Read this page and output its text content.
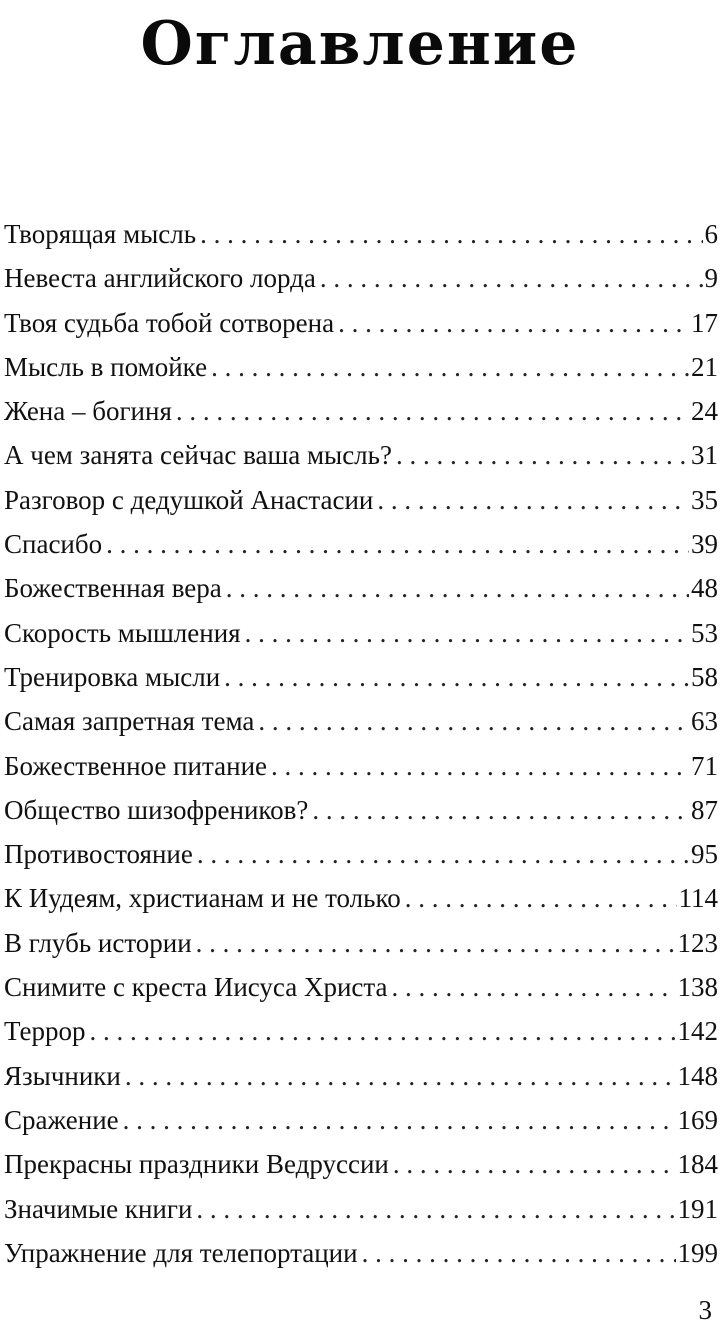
Оглавление
Творящая мысль . . .	6
Невеста английского лорда . . .	9
Твоя судьба тобой сотворена . . .	17
Мысль в помойке . . .	21
Жена – богиня . . .	24
А чем занята сейчас ваша мысль? . . .	31
Разговор с дедушкой Анастасии . . .	35
Спасибо . . .	39
Божественная вера . . .	48
Скорость мышления . . .	53
Тренировка мысли . . .	58
Самая запретная тема . . .	63
Божественное питание . . .	71
Общество шизофреников? . . .	87
Противостояние . . .	95
К Иудеям, христианам и не только . . .	114
В глубь истории . . .	123
Снимите с креста Иисуса Христа . . .	138
Террор . . .	142
Язычники . . .	148
Сражение . . .	169
Прекрасны праздники Ведруссии . . .	184
Значимые книги . . .	191
Упражнение для телепортации . . .	199
3
